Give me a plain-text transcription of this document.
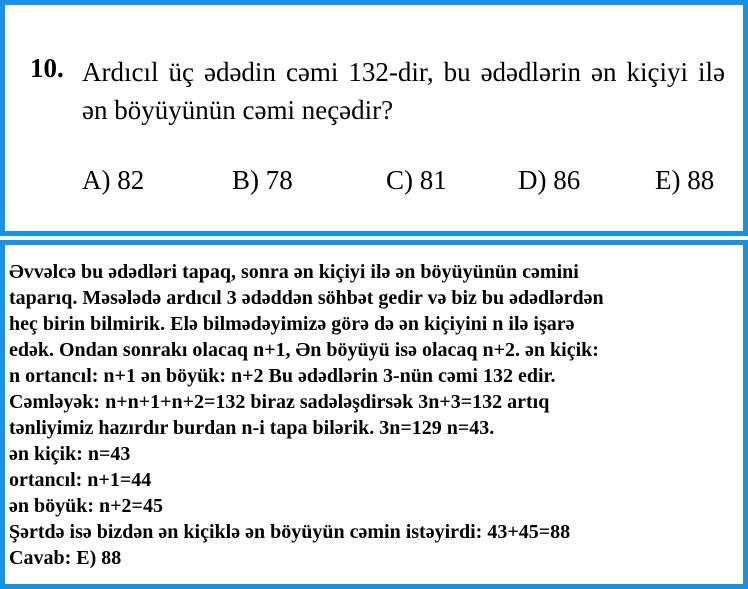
10. Ardıcıl üç ədədin cəmi 132-dir, bu ədədlərin ən kiçiyi ilə ən böyüyünün cəmi neçədir?
A) 82	B) 78	C) 81	D) 86	E) 88
Əvvəlcə bu ədədləri tapaq, sonra ən kiçiyi ilə ən böyüyünün cəmini
taparıq. Məsələdə ardıcıl 3 ədəddən söhbət gedir və biz bu ədədlərdən
heç birin bilmirik. Elə bilmədəyimizə görə də ən kiçiyini n ilə işarə
edək. Ondan sonrakı olacaq n+1, Ən böyüyü isə olacaq n+2. ən kiçik:
n ortancıl: n+1 ən böyük: n+2 Bu ədədlərin 3-nün cəmi 132 edir.
Cəmləyək: n+n+1+n+2=132 biraz sadələşdirsək 3n+3=132 artıq
tənliyimiz hazırdır burdan n-i tapa bilərik. 3n=129 n=43.
ən kiçik: n=43
ortancıl: n+1=44
ən böyük: n+2=45
Şərtdə isə bizdən ən kiçiklə ən böyüyün cəmin istəyirdi: 43+45=88
Cavab: E) 88
